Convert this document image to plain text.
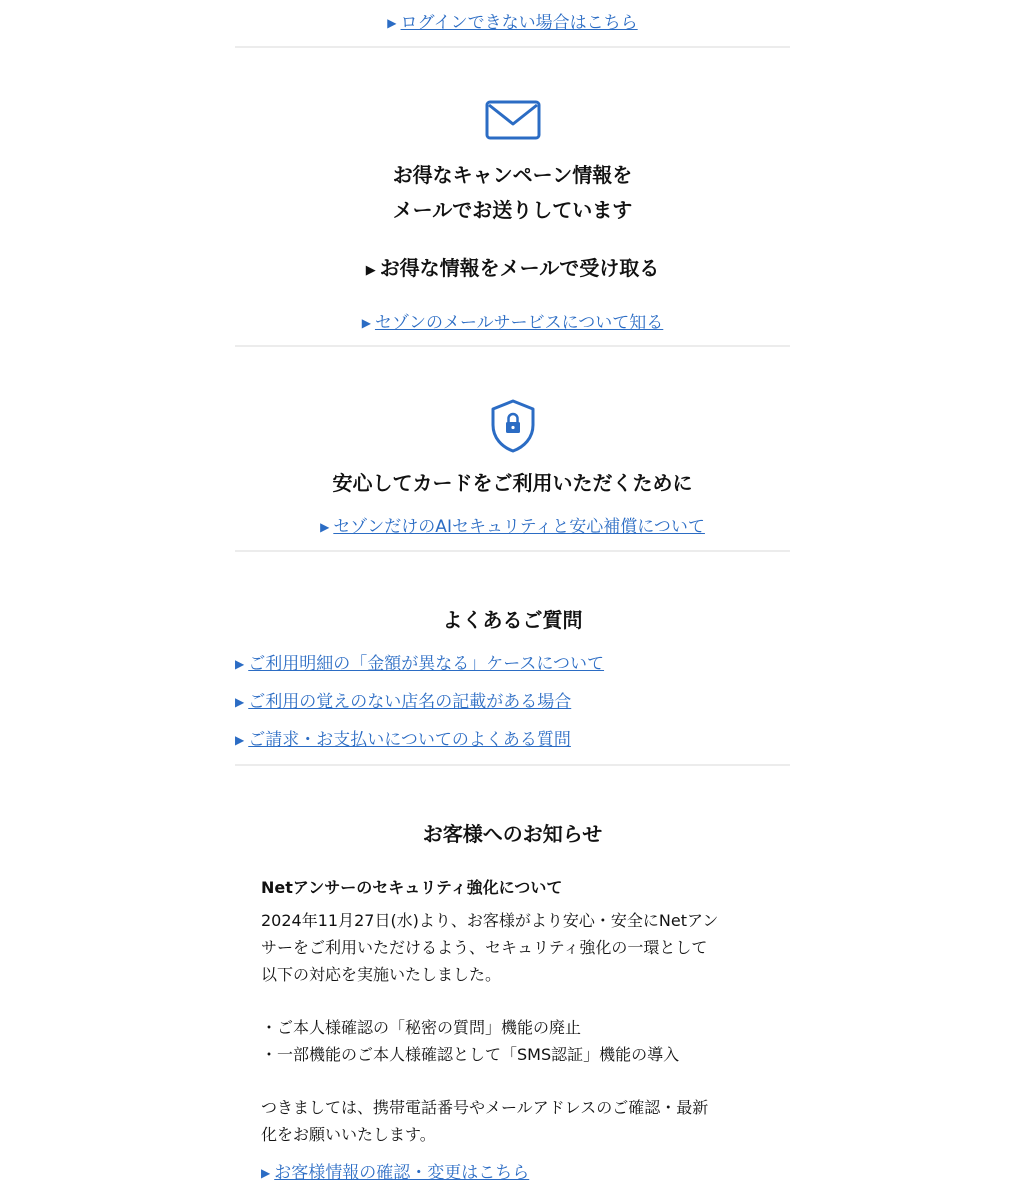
▶ ログインできない場合はこちら
お得なキャンペーン情報を
メールでお送りしています
▶ お得な情報をメールで受け取る
▶ セゾンのメールサービスについて知る
安心してカードをご利用いただくために
▶ セゾンだけのAIセキュリティと安心補償について
よくあるご質問
▶ ご利用明細の「金額が異なる」ケースについて
▶ ご利用の覚えのない店名の記載がある場合
▶ ご請求・お支払いについてのよくある質問
お客様へのお知らせ
Netアンサーのセキュリティ強化について
2024年11月27日(水)より、お客様がより安心・安全にNetアン
サーをご利用いただけるよう、セキュリティ強化の一環として
以下の対応を実施いたしました。
・ご本人様確認の「秘密の質問」機能の廃止
・一部機能のご本人様確認として「SMS認証」機能の導入
つきましては、携帯電話番号やメールアドレスのご確認・最新
化をお願いいたします。
▶ お客様情報の確認・変更はこちら
